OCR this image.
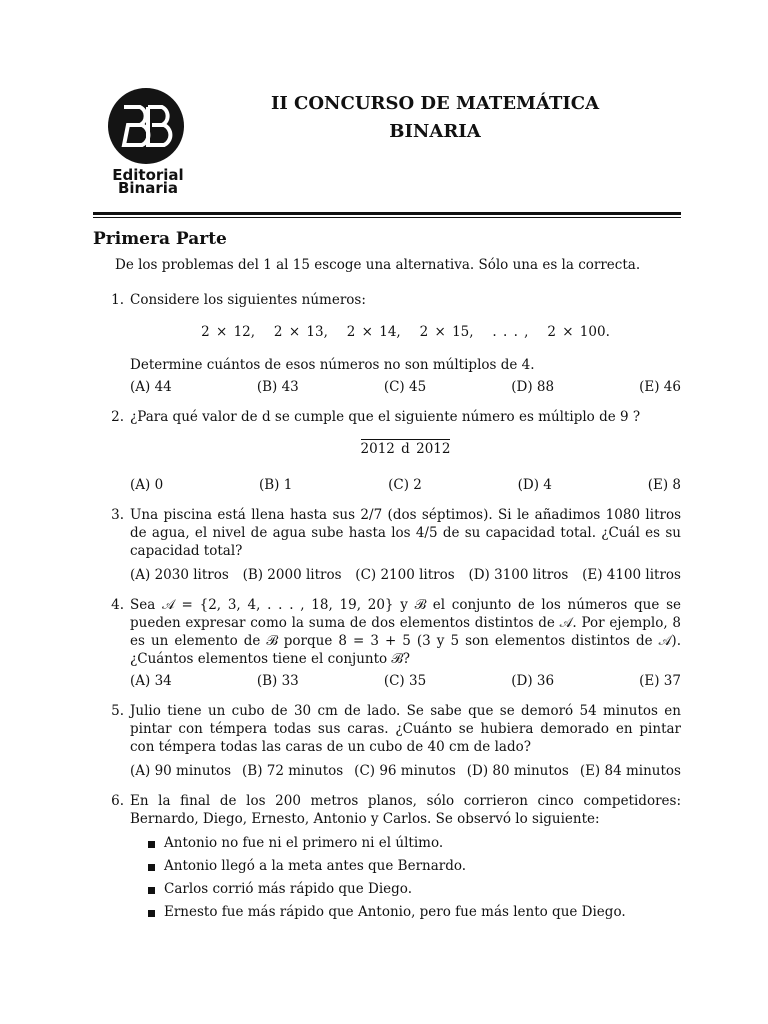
Editorial
Binaria
II CONCURSO DE MATEMÁTICA
BINARIA
Primera Parte
De los problemas del 1 al 15 escoge una alternativa. Sólo una es la correcta.
1. Considere los siguientes números:
2 × 12,   2 × 13,   2 × 14,   2 × 15,   . . . ,   2 × 100.
Determine cuántos de esos números no son múltiplos de 4.
(A) 44	(B) 43	(C) 45	(D) 88	(E) 46
2. ¿Para qué valor de d se cumple que el siguiente número es múltiplo de 9 ?
2012 d 2012
(A) 0	(B) 1	(C) 2	(D) 4	(E) 8
3. Una piscina está llena hasta sus 2/7 (dos séptimos). Si le añadimos 1080 litros de agua, el nivel de agua sube hasta los 4/5 de su capacidad total. ¿Cuál es su capacidad total?
(A) 2030 litros (B) 2000 litros (C) 2100 litros (D) 3100 litros (E) 4100 litros
4. Sea 𝒜 = {2, 3, 4, . . . , 18, 19, 20} y ℬ el conjunto de los números que se pueden expresar como la suma de dos elementos distintos de 𝒜. Por ejemplo, 8 es un elemento de ℬ porque 8 = 3 + 5 (3 y 5 son elementos distintos de 𝒜). ¿Cuántos elementos tiene el conjunto ℬ?
(A) 34	(B) 33	(C) 35	(D) 36	(E) 37
5. Julio tiene un cubo de 30 cm de lado. Se sabe que se demoró 54 minutos en pintar con témpera todas sus caras. ¿Cuánto se hubiera demorado en pintar con témpera todas las caras de un cubo de 40 cm de lado?
(A) 90 minutos (B) 72 minutos (C) 96 minutos (D) 80 minutos (E) 84 minutos
6. En la final de los 200 metros planos, sólo corrieron cinco competidores: Bernardo, Diego, Ernesto, Antonio y Carlos. Se observó lo siguiente:
Antonio no fue ni el primero ni el último.
Antonio llegó a la meta antes que Bernardo.
Carlos corrió más rápido que Diego.
Ernesto fue más rápido que Antonio, pero fue más lento que Diego.
